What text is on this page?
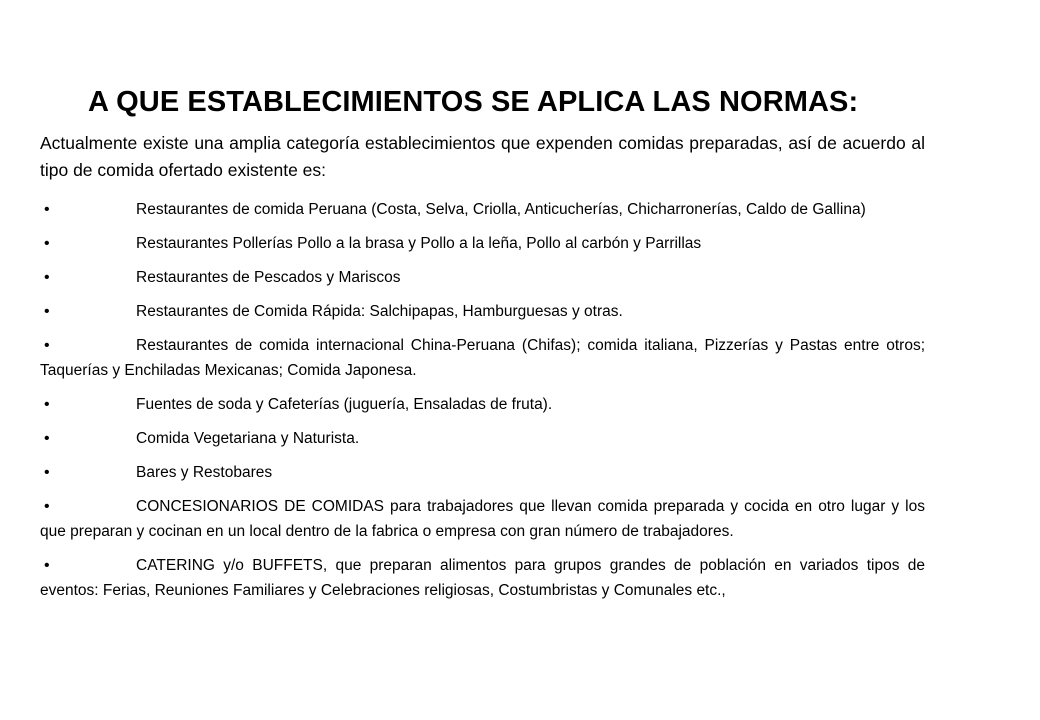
A QUE ESTABLECIMIENTOS SE APLICA LAS NORMAS:

Actualmente existe una amplia categoría establecimientos que expenden comidas preparadas, así de acuerdo al tipo de comida ofertado existente es:

•	Restaurantes de comida Peruana (Costa, Selva, Criolla, Anticucherías, Chicharronerías, Caldo de Gallina)
•	Restaurantes Pollerías Pollo a la brasa y Pollo a la leña, Pollo al carbón y Parrillas
•	Restaurantes de Pescados y Mariscos
•	Restaurantes de Comida Rápida: Salchipapas, Hamburguesas y otras.
•	Restaurantes de comida internacional China-Peruana (Chifas); comida italiana, Pizzerías y Pastas entre otros; Taquerías y Enchiladas Mexicanas; Comida Japonesa.
•	Fuentes de soda y Cafeterías (juguería, Ensaladas de fruta).
•	Comida Vegetariana y Naturista.
•	Bares y Restobares
•	CONCESIONARIOS DE COMIDAS para trabajadores que llevan comida preparada y cocida en otro lugar y los que preparan y cocinan en un local dentro de la fabrica o empresa con gran número de trabajadores.
•	CATERING y/o BUFFETS, que preparan alimentos para grupos grandes de población en variados tipos de eventos: Ferias, Reuniones Familiares y Celebraciones religiosas, Costumbristas y Comunales etc.,
